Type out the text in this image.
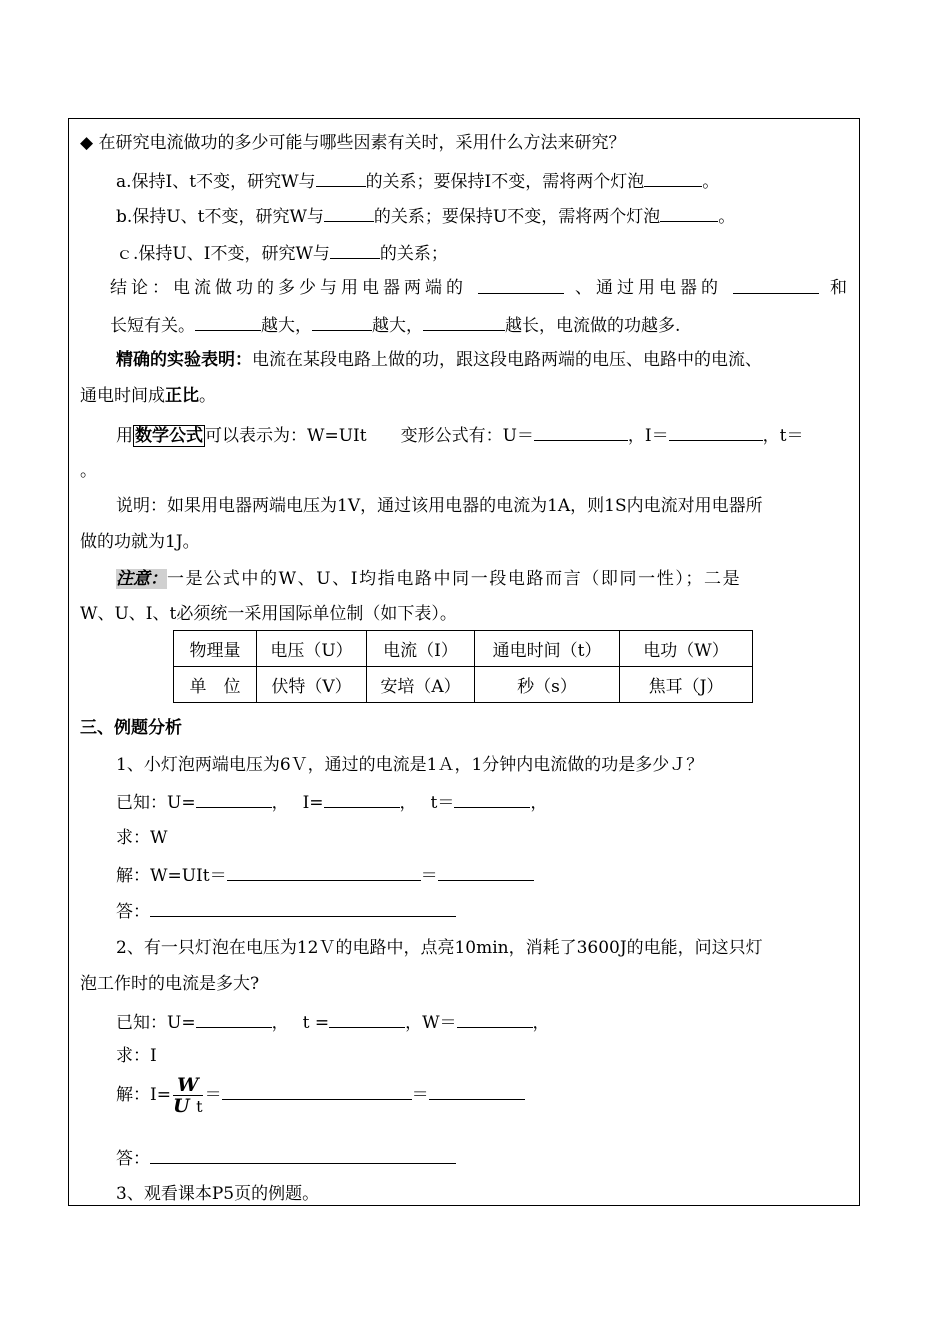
◆ 在研究电流做功的多少可能与哪些因素有关时，采用什么方法来研究？
a.保持I、t不变，研究W与	的关系；要保持I不变，需将两个灯泡	。
b.保持U、t不变，研究W与	的关系；要保持U不变，需将两个灯泡	。
ｃ.保持U、I不变，研究W与	的关系；
结论：电流做功的多少与用电器两端的	、通过用电器的	和
长短有关。	越大，	越大，	越长，电流做的功越多.
精确的实验表明：电流在某段电路上做的功，跟这段电路两端的电压、电路中的电流、
通电时间成正比。
用 数学公式 可以表示为：W=UIt　　变形公式有：U＝	，I＝	，t＝
。
说明：如果用电器两端电压为1V，通过该用电器的电流为1A，则1S内电流对用电器所
做的功就为1J。
注意：一是公式中的W、U、I均指电路中同一段电路而言（即同一性）；二是
W、U、I、t必须统一采用国际单位制（如下表）。
物理量	电压（U）	电流（I）	通电时间（t）	电功（W）
单　位	伏特（V）	安培（A）	秒（s）	焦耳（J）
三、例题分析
1、小灯泡两端电压为6Ｖ，通过的电流是1Ａ，1分钟内电流做的功是多少Ｊ？
已知：U=	， I=	， t＝	，
求：W
解：W=UIt＝	＝
答：
2、有一只灯泡在电压为12Ｖ的电路中，点亮10min，消耗了3600J的电能，问这只灯
泡工作时的电流是多大?
已知：U=	， t =	，W＝	，
求：I
解：$I= \frac{W}{\text{U t}}$ ＝	＝
答：
3、观看课本P5页的例题。
